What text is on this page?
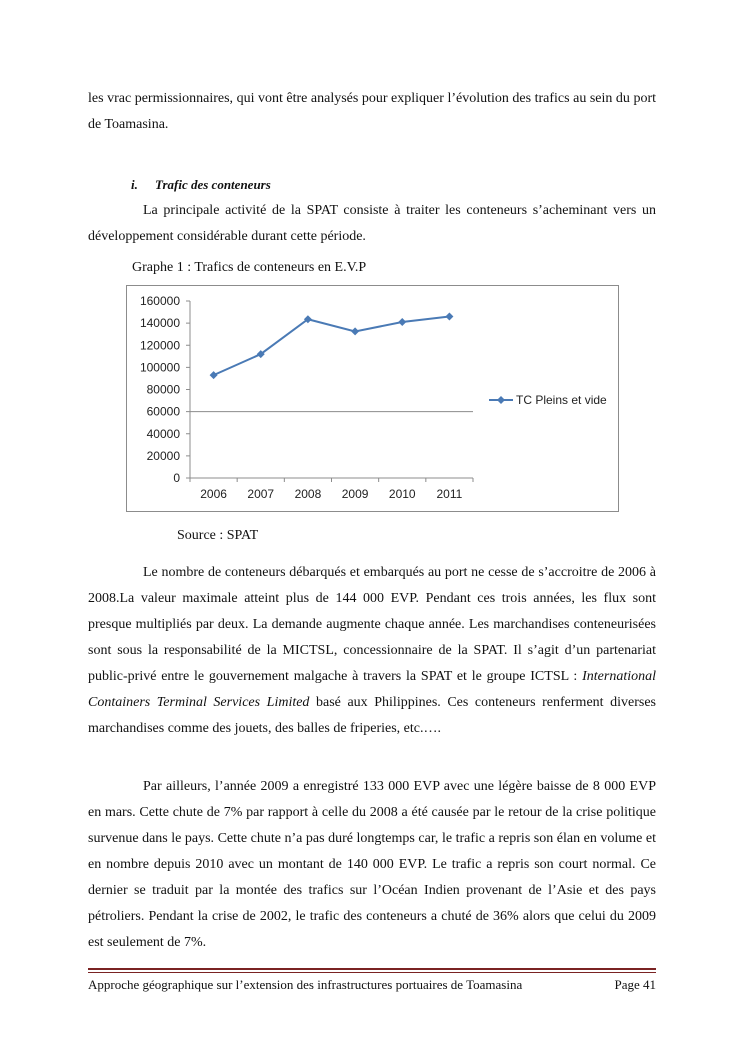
les vrac permissionnaires, qui vont être analysés pour expliquer l’évolution des trafics au sein du port de Toamasina.

i. Trafic des conteneurs

La principale activité de la SPAT consiste à traiter les conteneurs s’acheminant vers un développement considérable durant cette période.

Graphe 1 : Trafics de conteneurs en E.V.P
160000
140000
120000
100000
80000
60000
40000
20000
0
2006 2007 2008 2009 2010 2011
TC Pleins et vide
Source : SPAT

Le nombre de conteneurs débarqués et embarqués au port ne cesse de s’accroitre de 2006 à 2008.La valeur maximale atteint plus de 144 000 EVP. Pendant ces trois années, les flux sont presque multipliés par deux. La demande augmente chaque année. Les marchandises conteneurisées sont sous la responsabilité de la MICTSL, concessionnaire de la SPAT. Il s’agit d’un partenariat public-privé entre le gouvernement malgache à travers la SPAT et le groupe ICTSL : International Containers Terminal Services Limited basé aux Philippines. Ces conteneurs renferment diverses marchandises comme des jouets, des balles de friperies, etc.….

Par ailleurs, l’année 2009 a enregistré 133 000 EVP avec une légère baisse de 8 000 EVP en mars. Cette chute de 7% par rapport à celle du 2008 a été causée par le retour de la crise politique survenue dans le pays. Cette chute n’a pas duré longtemps car, le trafic a repris son élan en volume et en nombre depuis 2010 avec un montant de 140 000 EVP. Le trafic a repris son court normal. Ce dernier se traduit par la montée des trafics sur l’Océan Indien provenant de l’Asie et des pays pétroliers. Pendant la crise de 2002, le trafic des conteneurs a chuté de 36% alors que celui du 2009 est seulement de 7%.

Approche géographique sur l’extension des infrastructures portuaires de Toamasina	Page 41
